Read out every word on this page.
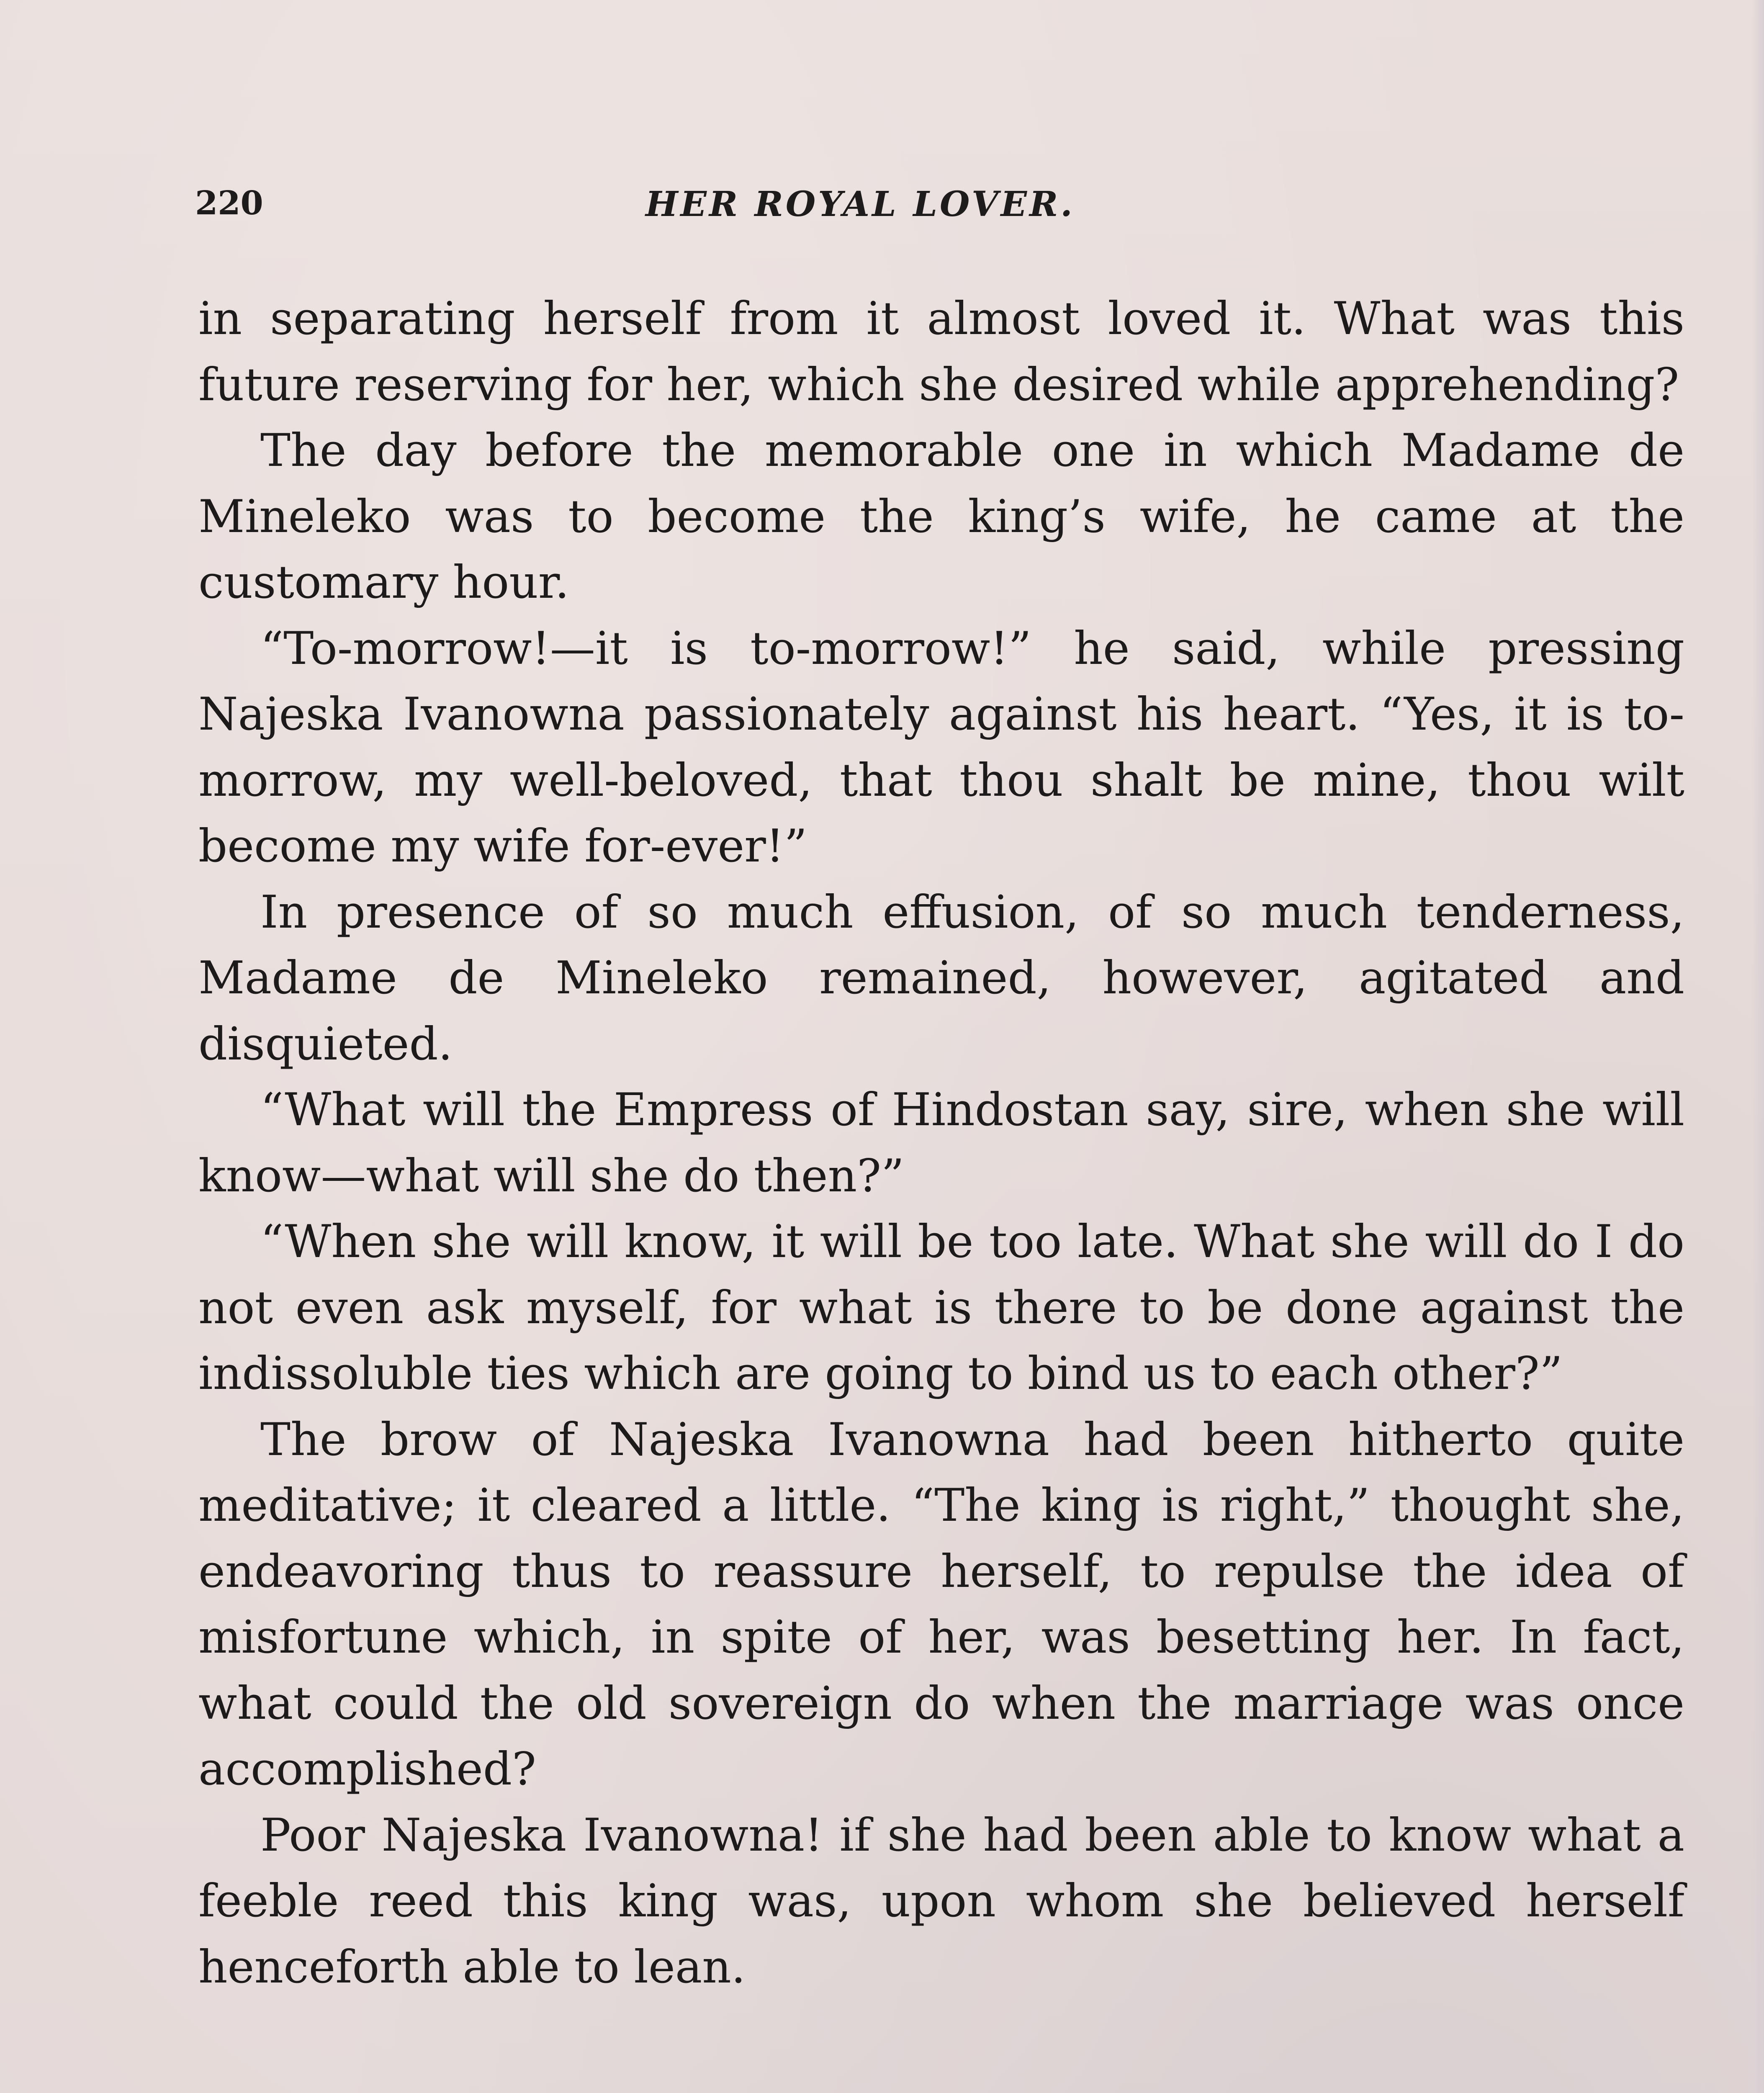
220	HER ROYAL LOVER.

in separating herself from it almost loved it. What was this future reserving for her, which she desired while apprehending?

The day before the memorable one in which Madame de Mineleko was to become the king’s wife, he came at the customary hour.

“To-morrow!—it is to-morrow!” he said, while pressing Najeska Ivanowna passionately against his heart. “Yes, it is to-morrow, my well-beloved, that thou shalt be mine, thou wilt become my wife for-ever!”

In presence of so much effusion, of so much tenderness, Madame de Mineleko remained, however, agitated and disquieted.

“What will the Empress of Hindostan say, sire, when she will know—what will she do then?”

“When she will know, it will be too late. What she will do I do not even ask myself, for what is there to be done against the indissoluble ties which are going to bind us to each other?”

The brow of Najeska Ivanowna had been hitherto quite meditative; it cleared a little. “The king is right,” thought she, endeavoring thus to reassure herself, to repulse the idea of misfortune which, in spite of her, was besetting her. In fact, what could the old sovereign do when the marriage was once accomplished?

Poor Najeska Ivanowna! if she had been able to know what a feeble reed this king was, upon whom she believed herself henceforth able to lean.
